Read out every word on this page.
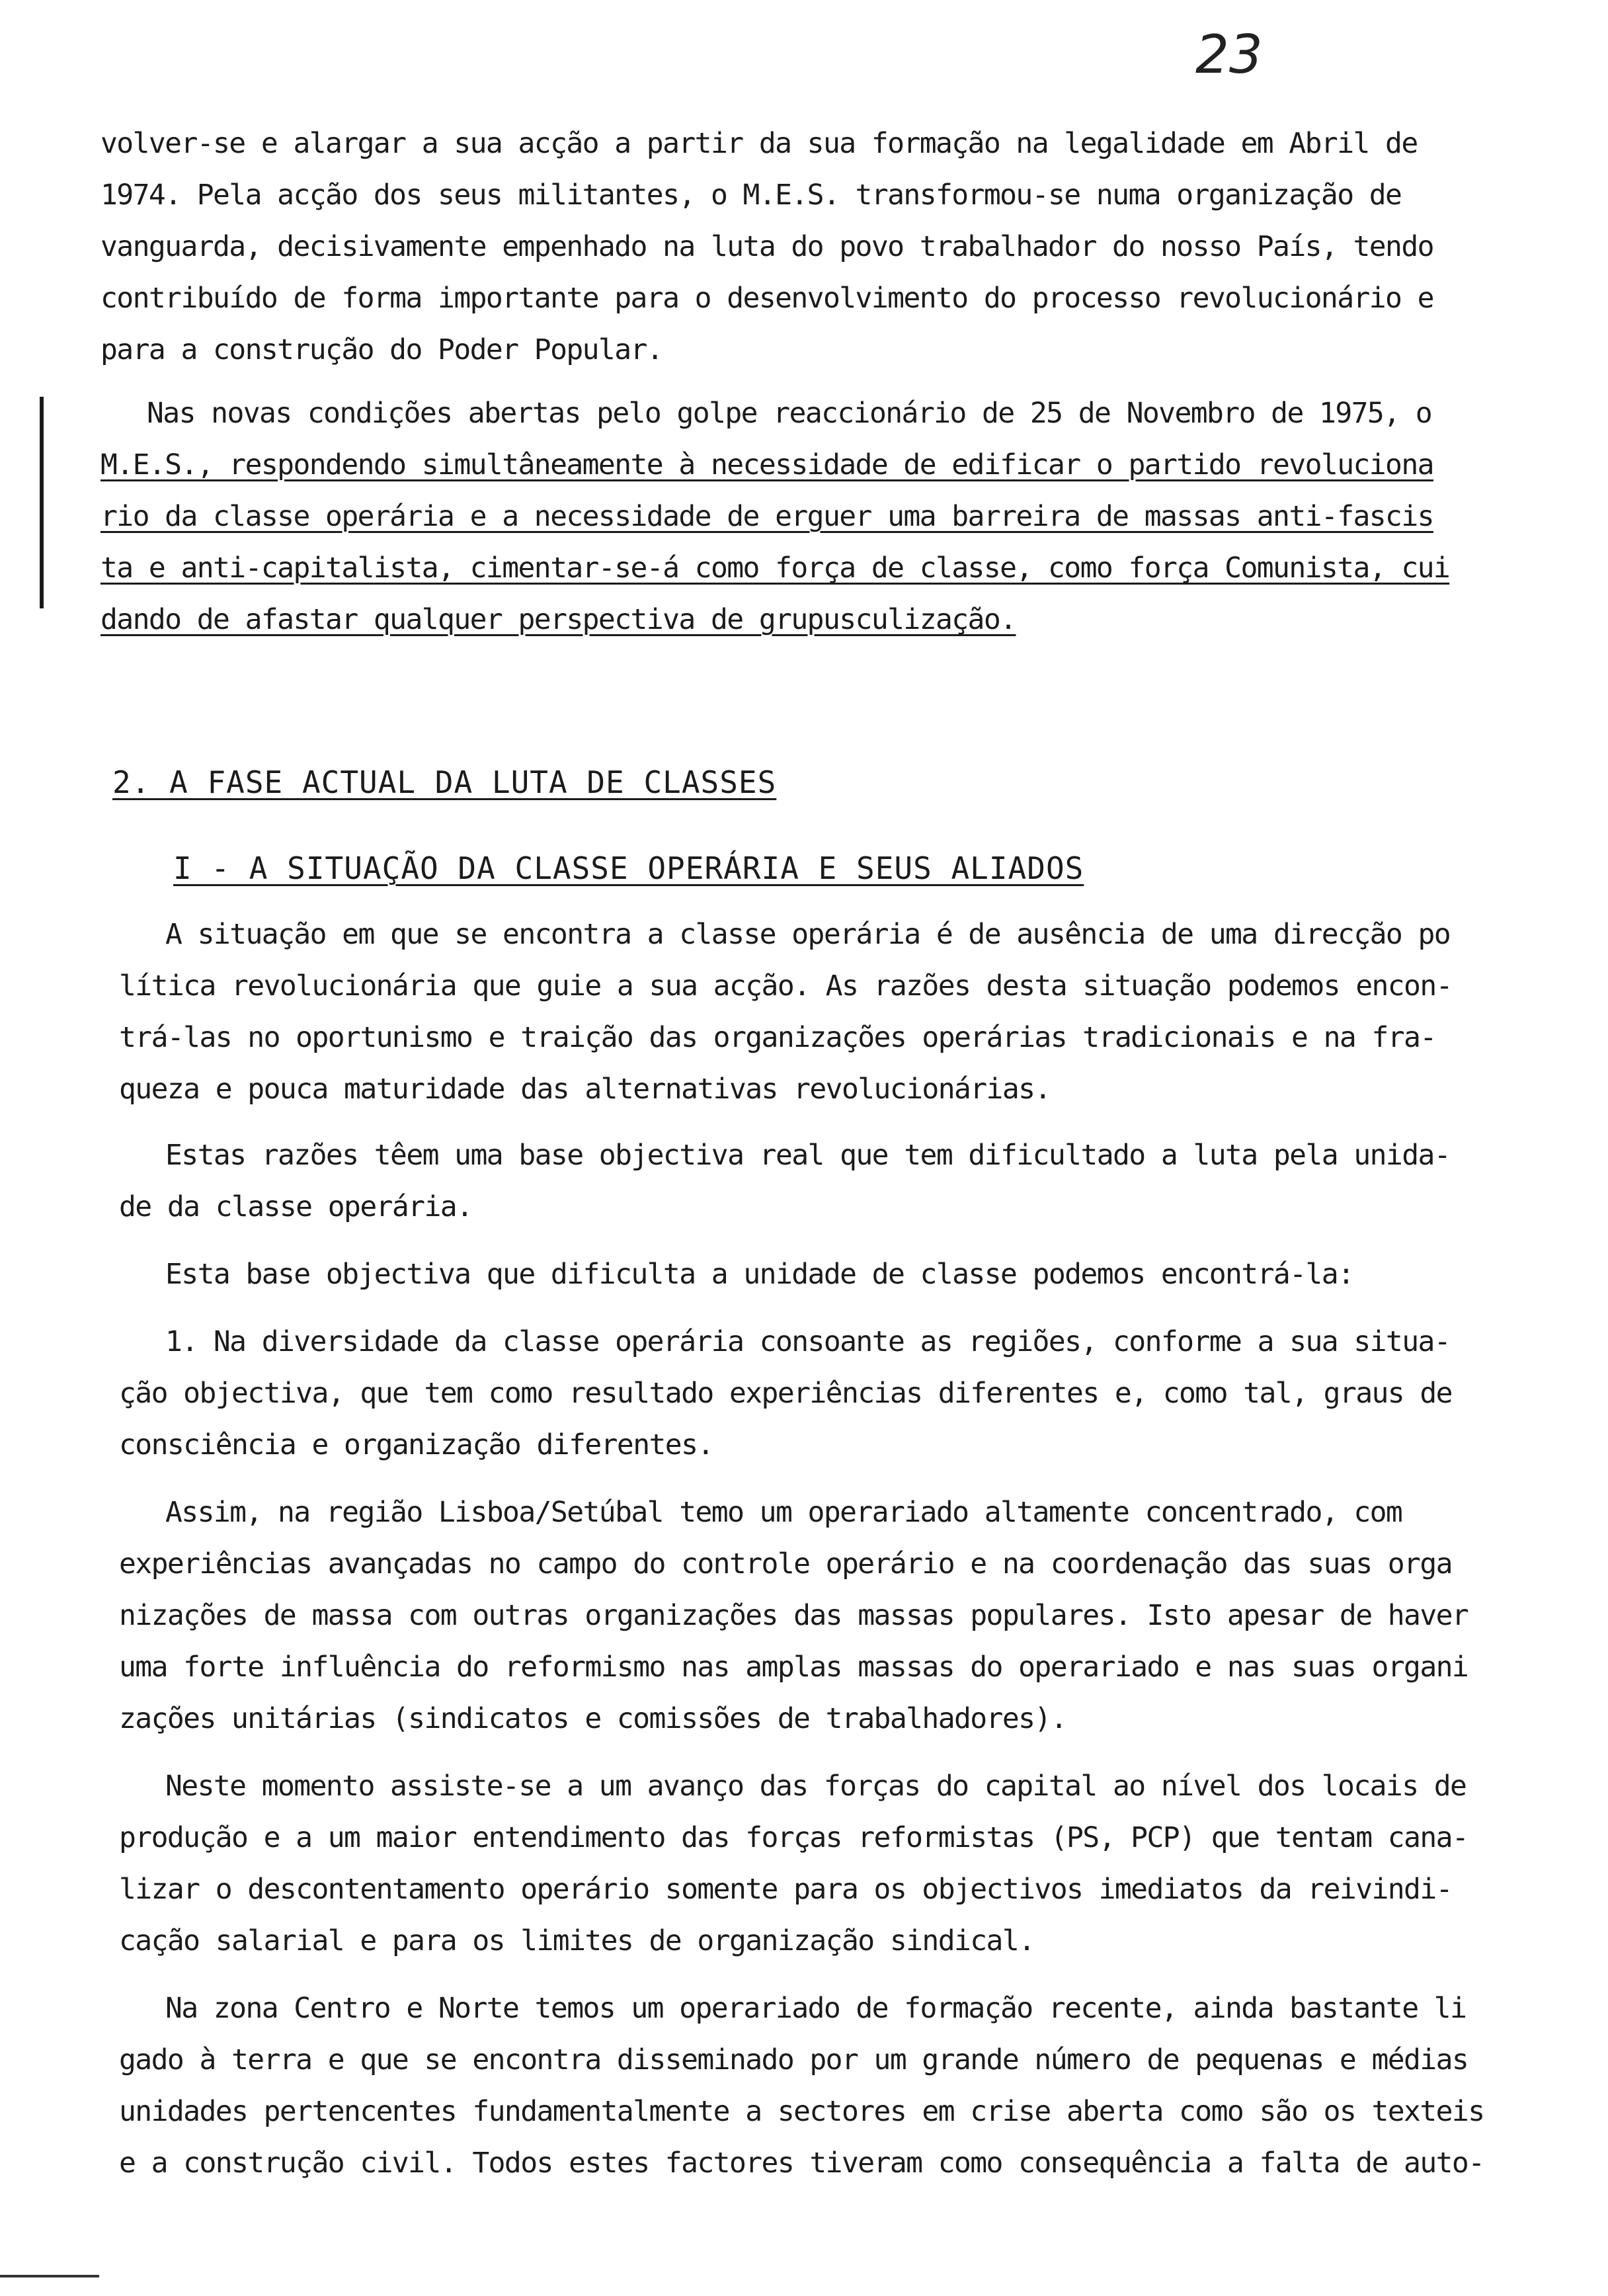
23
volver-se e alargar a sua acção a partir da sua formação na legalidade em Abril de
1974. Pela acção dos seus militantes, o M.E.S. transformou-se numa organização de
vanguarda, decisivamente empenhado na luta do povo trabalhador do nosso País, tendo
contribuído de forma importante para o desenvolvimento do processo revolucionário e
para a construção do Poder Popular.
Nas novas condições abertas pelo golpe reaccionário de 25 de Novembro de 1975, o
M.E.S., respondendo simultâneamente à necessidade de edificar o partido revoluciona
rio da classe operária e a necessidade de erguer uma barreira de massas anti-fascis
ta e anti-capitalista, cimentar-se-á como força de classe, como força Comunista, cui
dando de afastar qualquer perspectiva de grupusculização.
2. A FASE ACTUAL DA LUTA DE CLASSES
I - A SITUAÇÃO DA CLASSE OPERÁRIA E SEUS ALIADOS
A situação em que se encontra a classe operária é de ausência de uma direcção po
lítica revolucionária que guie a sua acção. As razões desta situação podemos encon-
trá-las no oportunismo e traição das organizações operárias tradicionais e na fra-
queza e pouca maturidade das alternativas revolucionárias.
Estas razões têem uma base objectiva real que tem dificultado a luta pela unida-
de da classe operária.
Esta base objectiva que dificulta a unidade de classe podemos encontrá-la:
1. Na diversidade da classe operária consoante as regiões, conforme a sua situa-
ção objectiva, que tem como resultado experiências diferentes e, como tal, graus de
consciência e organização diferentes.
Assim, na região Lisboa/Setúbal temo um operariado altamente concentrado, com
experiências avançadas no campo do controle operário e na coordenação das suas orga
nizações de massa com outras organizações das massas populares. Isto apesar de haver
uma forte influência do reformismo nas amplas massas do operariado e nas suas organi
zações unitárias (sindicatos e comissões de trabalhadores).
Neste momento assiste-se a um avanço das forças do capital ao nível dos locais de
produção e a um maior entendimento das forças reformistas (PS, PCP) que tentam cana-
lizar o descontentamento operário somente para os objectivos imediatos da reivindi-
cação salarial e para os limites de organização sindical.
Na zona Centro e Norte temos um operariado de formação recente, ainda bastante li
gado à terra e que se encontra disseminado por um grande número de pequenas e médias
unidades pertencentes fundamentalmente a sectores em crise aberta como são os texteis
e a construção civil. Todos estes factores tiveram como consequência a falta de auto-
